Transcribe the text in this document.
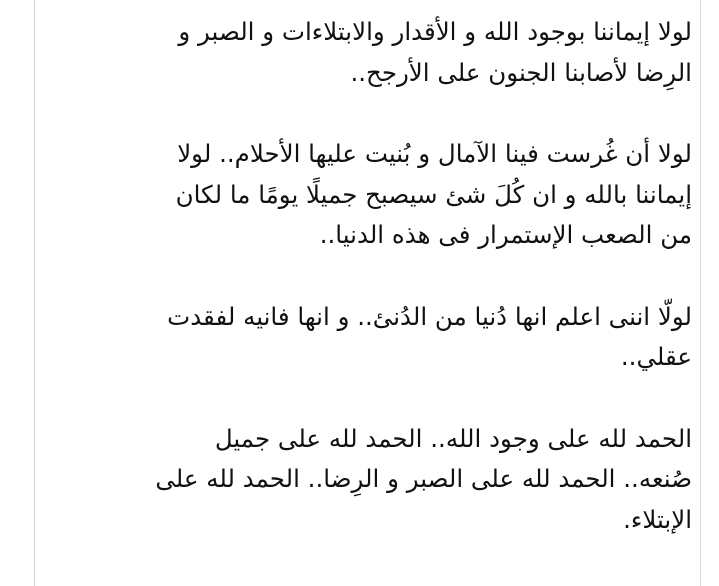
لولا إيماننا بوجود الله و الأقدار والابتلاءات و الصبر و
الرِضا لأصابنا الجنون على الأرجح..

لولا أن غُرست فينا الآمال و بُنيت عليها الأحلام.. لولا
إيماننا بالله و ان كُلَ شئ سيصبح جميلًا يومًا ما لكان
من الصعب الإستمرار فى هذه الدنيا..

لولّا اننى اعلم انها دُنيا من الدُنئ.. و انها فانيه لفقدت
عقلي..

الحمد لله على وجود الله.. الحمد لله على جميل
صُنعه.. الحمد لله على الصبر و الرِضا.. الحمد لله على
الإبتلاء.
